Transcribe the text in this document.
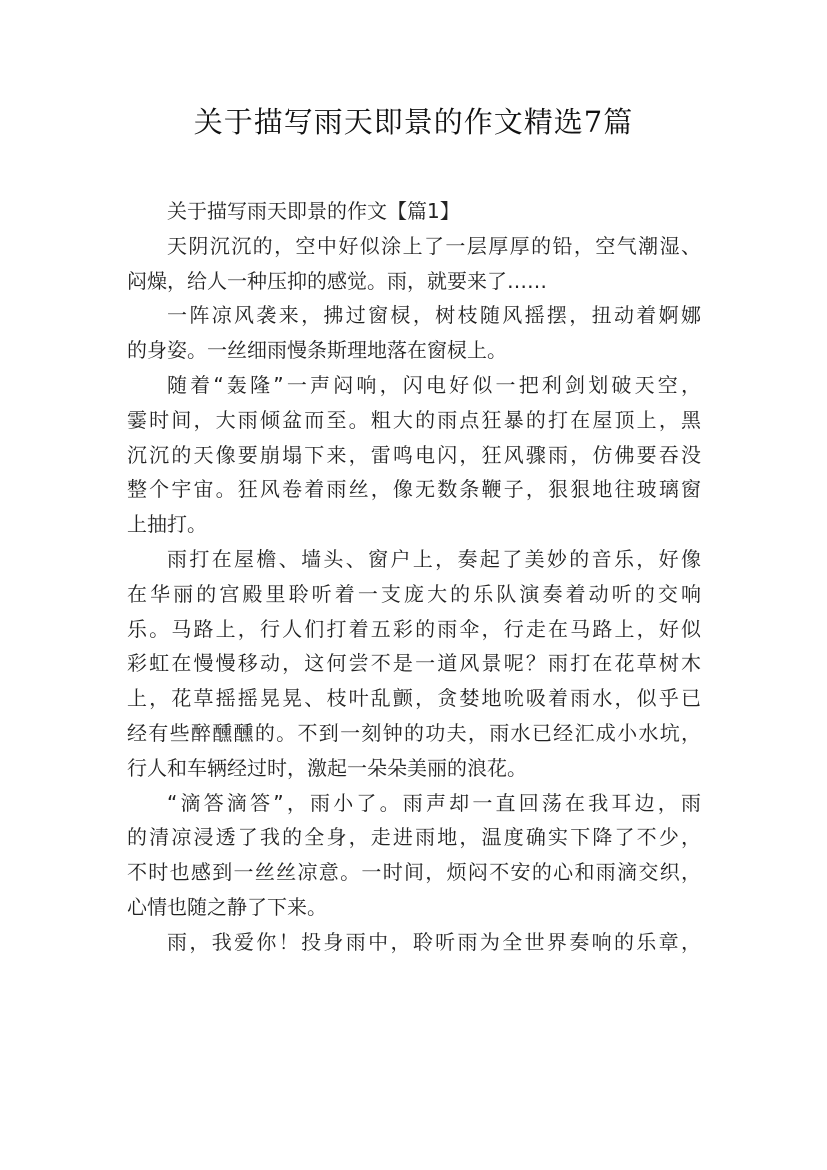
关于描写雨天即景的作文精选7篇
关于描写雨天即景的作文【篇1】
天阴沉沉的，空中好似涂上了一层厚厚的铅，空气潮湿、
闷燥，给人一种压抑的感觉。雨，就要来了……
一阵凉风袭来，拂过窗棂，树枝随风摇摆，扭动着婀娜
的身姿。一丝细雨慢条斯理地落在窗棂上。
随着“轰隆”一声闷响，闪电好似一把利剑划破天空，
霎时间，大雨倾盆而至。粗大的雨点狂暴的打在屋顶上，黑
沉沉的天像要崩塌下来，雷鸣电闪，狂风骤雨，仿佛要吞没
整个宇宙。狂风卷着雨丝，像无数条鞭子，狠狠地往玻璃窗
上抽打。
雨打在屋檐、墙头、窗户上，奏起了美妙的音乐，好像
在华丽的宫殿里聆听着一支庞大的乐队演奏着动听的交响
乐。马路上，行人们打着五彩的雨伞，行走在马路上，好似
彩虹在慢慢移动，这何尝不是一道风景呢？雨打在花草树木
上，花草摇摇晃晃、枝叶乱颤，贪婪地吮吸着雨水，似乎已
经有些醉醺醺的。不到一刻钟的功夫，雨水已经汇成小水坑，
行人和车辆经过时，激起一朵朵美丽的浪花。
“滴答滴答”，雨小了。雨声却一直回荡在我耳边，雨
的清凉浸透了我的全身，走进雨地，温度确实下降了不少，
不时也感到一丝丝凉意。一时间，烦闷不安的心和雨滴交织，
心情也随之静了下来。
雨，我爱你！投身雨中，聆听雨为全世界奏响的乐章，
